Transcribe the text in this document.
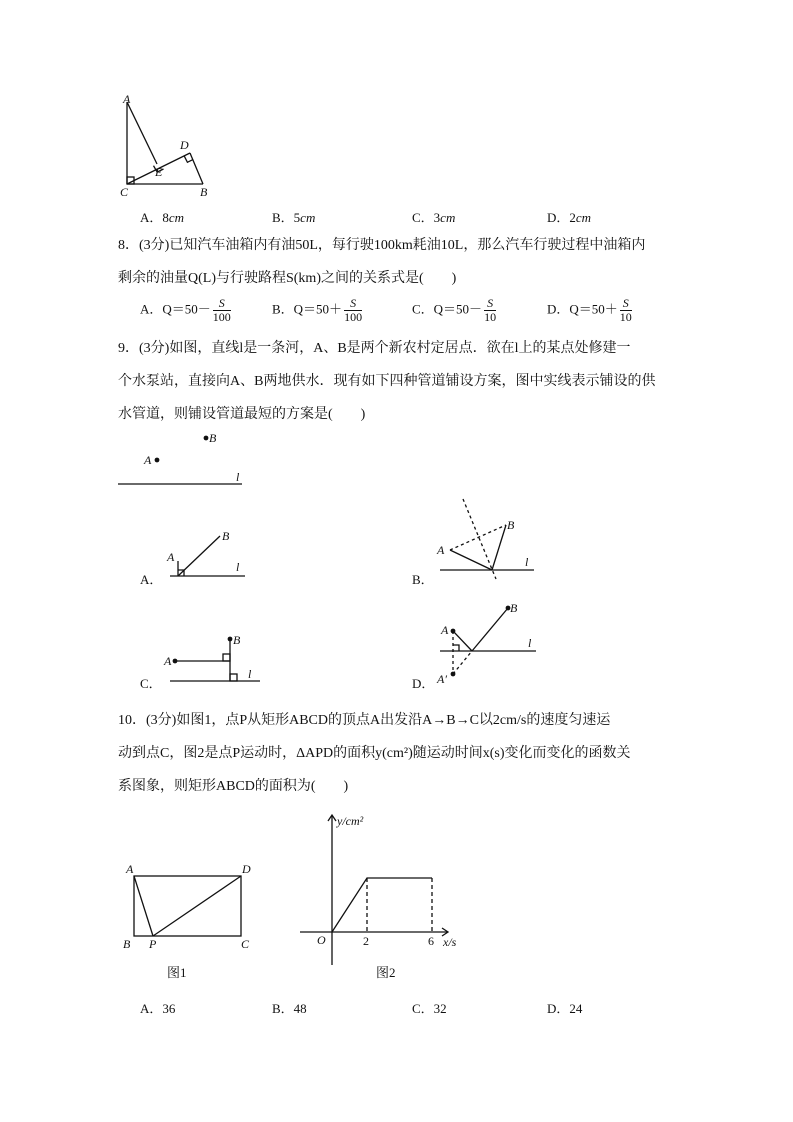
A
D
E
C	B
A．8cm	B．5cm	C．3cm	D．2cm
8．(3分)已知汽车油箱内有油50L，每行驶100km耗油10L，那么汽车行驶过程中油箱内
剩余的油量Q(L)与行驶路程S(km)之间的关系式是(　　)
A．$Q=50- \frac{S}{100}$	B．$Q=50+ \frac{S}{100}$	C．$Q=50- \frac{S}{10}$	D．$Q=50+ \frac{S}{10}$
9．(3分)如图，直线l是一条河，A、B是两个新农村定居点．欲在l上的某点处修建一
个水泵站，直接向A、B两地供水．现有如下四种管道铺设方案，图中实线表示铺设的供
水管道，则铺设管道最短的方案是(　　)
B
A
l
A．
A
B
l
B．
A
B
l
C．
A
B
l
D．
A
B
l
A′
10．(3分)如图1，点P从矩形ABCD的顶点A出发沿A→B→C以2cm/s的速度匀速运
动到点C，图2是点P运动时，ΔAPD的面积y(cm²)随运动时间x(s)变化而变化的函数关
系图象，则矩形ABCD的面积为(　　)
A	D
B P	C
图1
y/cm²
x/s
O	2	6
图2
A．36	B．48	C．32	D．24
